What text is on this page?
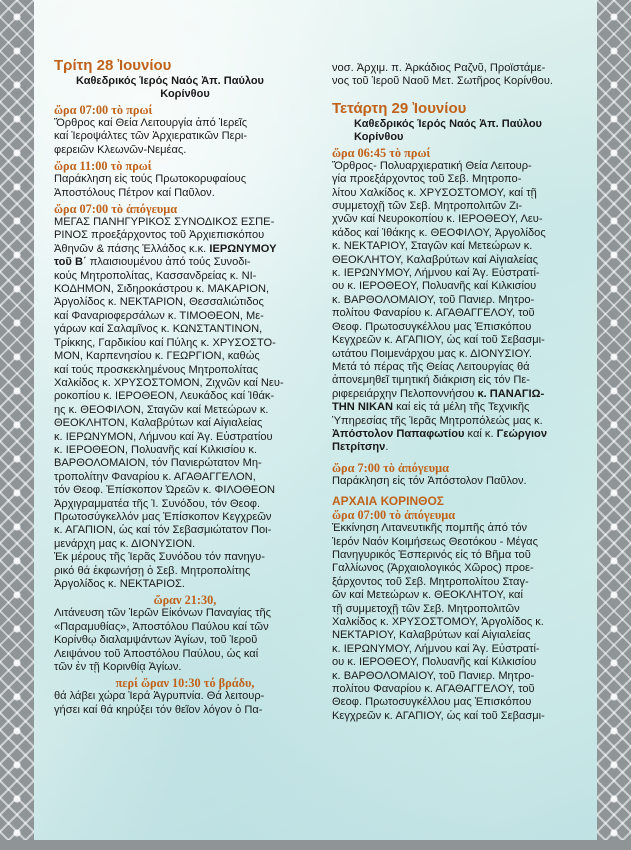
Τρίτη 28 Ἰουνίου
Καθεδρικός Ἱερός Ναός Ἀπ. Παύλου
Κορίνθου
ὥρα 07:00 τὸ πρωί

Ὄρθρος καί Θεία Λειτουργία ἀπό Ἱερεῖς
καί Ἱεροψάλτες τῶν Ἀρχιερατικῶν Περι-
φερειῶν Κλεωνῶν-Νεμέας.

ὥρα 11:00 τὸ πρωί

Παράκληση εἰς τούς Πρωτοκορυφαίους
Ἀποστόλους Πέτρον καί Παῦλον.

ὥρα 07:00 τὸ ἀπόγευμα

ΜΕΓΑΣ ΠΑΝΗΓΥΡΙΚΟΣ ΣΥΝΟΔΙΚΟΣ ΕΣΠΕ-
ΡΙΝΟΣ προεξάρχοντος τοῦ Ἀρχιεπισκόπου
Ἀθηνῶν & πάσης Ἑλλάδος κ.κ. ΙΕΡΩΝΥΜΟΥ
τοῦ Β΄ πλαισιουμένου ἀπό τούς Συνοδι-
κούς Μητροπολίτας, Κασσανδρείας κ. ΝΙ-
ΚΟΔΗΜΟΝ, Σιδηροκάστρου κ. ΜΑΚΑΡΙΟΝ,
Ἀργολίδος κ. ΝΕΚΤΑΡΙΟΝ, Θεσσαλιώτιδος
καί Φαναριοφερσάλων κ. ΤΙΜΟΘΕΟΝ, Με-
γάρων καί Σαλαμῖνος κ. ΚΩΝΣΤΑΝΤΙΝΟΝ,
Τρίκκης, Γαρδικίου καί Πύλης κ. ΧΡΥΣΟΣΤΟ-
ΜΟΝ, Καρπενησίου κ. ΓΕΩΡΓΙΟΝ, καθώς
καί τούς προσκεκλημένους Μητροπολίτας
Χαλκίδος κ. ΧΡΥΣΟΣΤΟΜΟΝ, Ζιχνῶν καί Νευ-
ροκοπίου κ. ΙΕΡΟΘΕΟΝ, Λευκάδος καί Ἰθάκ-
ης κ. ΘΕΟΦΙΛΟΝ, Σταγῶν καί Μετεώρων κ.
ΘΕΟΚΛΗΤΟΝ, Καλαβρύτων καί Αἰγιαλείας
κ. ΙΕΡΩΝΥΜΟΝ, Λήμνου καί Ἁγ. Εὐστρατίου
κ. ΙΕΡΟΘΕΟΝ, Πολυανῆς καί Κιλκισίου κ.
ΒΑΡΘΟΛΟΜΑΙΟΝ, τόν Πανιερώτατον Μη-
τροπολίτην Φαναρίου κ. ΑΓΑΘΑΓΓΕΛΟΝ,
τόν Θεοφ. Ἐπίσκοπον Ὠρεῶν κ. ΦΙΛΟΘΕΟΝ
Ἀρχιγραμματέα τῆς Ἰ. Συνόδου, τόν Θεοφ.
Πρωτοσύγκελλόν μας Ἐπίσκοπον Κεγχρεῶν
κ. ΑΓΑΠΙΟΝ, ὡς καί τόν Σεβασμιώτατον Ποι-
μενάρχη μας κ. ΔΙΟΝΥΣΙΟΝ.

Ἐκ μέρους τῆς Ἱερᾶς Συνόδου τόν πανηγυ-
ρικό θά ἐκφωνήσῃ ὁ Σεβ. Μητροπολίτης
Ἀργολίδος κ. ΝΕΚΤΑΡΙΟΣ.

ὥραν 21:30,

Λιτάνευση τῶν Ἱερῶν Εἰκόνων Παναγίας τῆς
«Παραμυθίας», Ἀποστόλου Παύλου καί τῶν
Κορίνθῳ διαλαμψάντων Ἁγίων, τοῦ Ἱεροῦ
Λειψάνου τοῦ Ἀποστόλου Παύλου, ὡς καί
τῶν ἐν τῇ Κορινθίᾳ Ἁγίων.

περί ὥραν 10:30 τό βράδυ,

θά λάβει χώρα Ἱερά Ἀγρυπνία. Θά λειτουρ-
γήσει καί θά κηρύξει τόν θεῖον λόγον ὁ Πα-

νοσ. Ἀρχιμ. π. Ἀρκάδιος Ραζνῦ, Προϊστάμε-
νος τοῦ Ἱεροῦ Ναοῦ Μετ. Σωτῆρος Κορίνθου.

Τετάρτη 29 Ἰουνίου
Καθεδρικός Ἱερός Ναός Ἀπ. Παύλου
Κορίνθου
ὥρα 06:45 τὸ πρωί

Ὄρθρος- Πολυαρχιερατική Θεία Λειτουρ-
γία προεξάρχοντος τοῦ Σεβ. Μητροπο-
λίτου Χαλκίδος κ. ΧΡΥΣΟΣΤΟΜΟΥ, καί τῇ
συμμετοχῇ τῶν Σεβ. Μητροπολιτῶν Ζι-
χνῶν καί Νευροκοπίου κ. ΙΕΡΟΘΕΟΥ, Λευ-
κάδος καί Ἰθάκης κ. ΘΕΟΦΙΛΟΥ, Ἀργολίδος
κ. ΝΕΚΤΑΡΙΟΥ, Σταγῶν καί Μετεώρων κ.
ΘΕΟΚΛΗΤΟΥ, Καλαβρύτων καί Αἰγιαλείας
κ. ΙΕΡΩΝΥΜΟΥ, Λήμνου καί Ἁγ. Εὐστρατί-
ου κ. ΙΕΡΟΘΕΟΥ, Πολυανῆς καί Κιλκισίου
κ. ΒΑΡΘΟΛΟΜΑΙΟΥ, τοῦ Πανιερ. Μητρο-
πολίτου Φαναρίου κ. ΑΓΑΘΑΓΓΕΛΟΥ, τοῦ
Θεοφ. Πρωτοσυγκέλλου μας Ἐπισκόπου
Κεγχρεῶν κ. ΑΓΑΠΙΟΥ, ὡς καί τοῦ Σεβασμι-
ωτάτου Ποιμενάρχου μας κ. ΔΙΟΝΥΣΙΟΥ.

Μετά τό πέρας τῆς Θείας Λειτουργίας θά
ἀπονεμηθεῖ τιμητική διάκριση εἰς τόν Πε-
ριφερειάρχην Πελοποννήσου κ. ΠΑΝΑΓΙΩ-
ΤΗΝ ΝΙΚΑΝ καί εἰς τά μέλη τῆς Τεχνικῆς
Ὑπηρεσίας τῆς Ἱερᾶς Μητροπόλεώς μας κ.
Ἀπόστολον Παπαφωτίου καί κ. Γεώργιον
Πετρίτσην.

ὥρα 7:00 τὸ ἀπόγευμα

Παράκληση εἰς τόν Ἀπόστολον Παῦλον.

ΑΡΧΑΙΑ ΚΟΡΙΝΘΟΣ
ὥρα 07:00 τὸ ἀπόγευμα

Ἐκκίνηση Λιτανευτικῆς πομπῆς ἀπό τόν
Ἱερόν Ναόν Κοιμήσεως Θεοτόκου - Μέγας
Πανηγυρικός Ἑσπερινός εἰς τό Βῆμα τοῦ
Γαλλίωνος (Ἀρχαιολογικός Χῶρος) προε-
ξάρχοντος τοῦ Σεβ. Μητροπολίτου Σταγ-
ῶν καί Μετεώρων κ. ΘΕΟΚΛΗΤΟΥ, καί
τῇ συμμετοχῇ τῶν Σεβ. Μητροπολιτῶν
Χαλκίδος κ. ΧΡΥΣΟΣΤΟΜΟΥ, Ἀργολίδος κ.
ΝΕΚΤΑΡΙΟΥ, Καλαβρύτων καί Αἰγιαλείας
κ. ΙΕΡΩΝΥΜΟΥ, Λήμνου καί Ἁγ. Εὐστρατί-
ου κ. ΙΕΡΟΘΕΟΥ, Πολυανῆς καί Κιλκισίου
κ. ΒΑΡΘΟΛΟΜΑΙΟΥ, τοῦ Πανιερ. Μητρο-
πολίτου Φαναρίου κ. ΑΓΑΘΑΓΓΕΛΟΥ, τοῦ
Θεοφ. Πρωτοσυγκέλλου μας Ἐπισκόπου
Κεγχρεῶν κ. ΑΓΑΠΙΟΥ, ὡς καί τοῦ Σεβασμι-
